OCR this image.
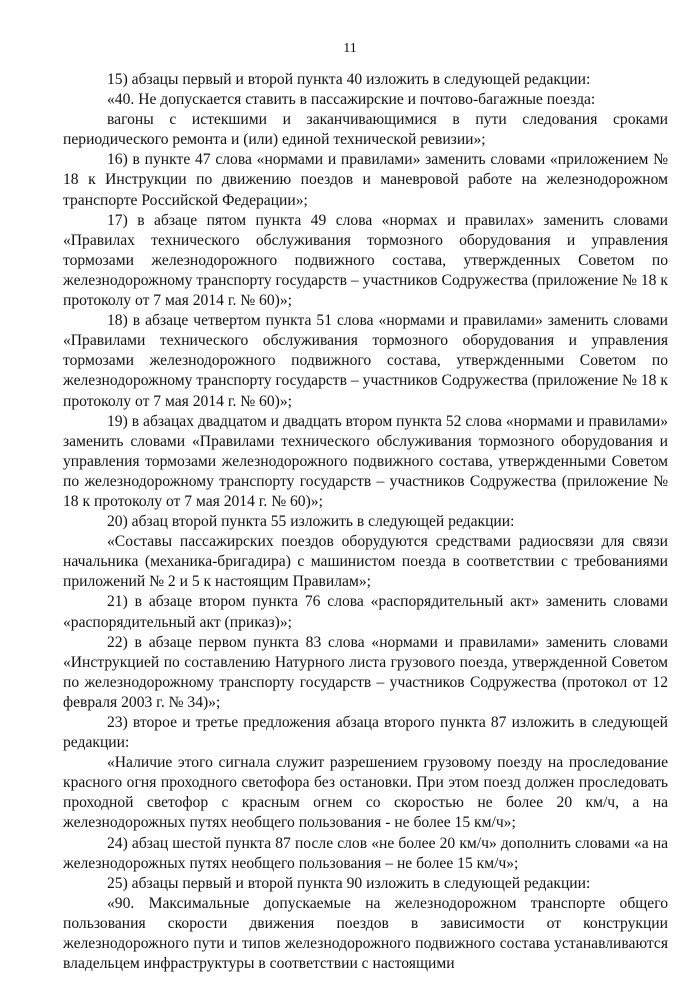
11

15) абзацы первый и второй пункта 40 изложить в следующей редакции:

«40. Не допускается ставить в пассажирские и почтово-багажные поезда:

вагоны с истекшими и заканчивающимися в пути следования сроками периодического ремонта и (или) единой технической ревизии»;

16) в пункте 47 слова «нормами и правилами» заменить словами «приложением № 18 к Инструкции по движению поездов и маневровой работе на железнодорожном транспорте Российской Федерации»;

17) в абзаце пятом пункта 49 слова «нормах и правилах» заменить словами «Правилах технического обслуживания тормозного оборудования и управления тормозами железнодорожного подвижного состава, утвержденных Советом по железнодорожному транспорту государств – участников Содружества (приложение № 18 к протоколу от 7 мая 2014 г. № 60)»;

18) в абзаце четвертом пункта 51 слова «нормами и правилами» заменить словами «Правилами технического обслуживания тормозного оборудования и управления тормозами железнодорожного подвижного состава, утвержденными Советом по железнодорожному транспорту государств – участников Содружества (приложение № 18 к протоколу от 7 мая 2014 г. № 60)»;

19) в абзацах двадцатом и двадцать втором пункта 52 слова «нормами и правилами» заменить словами «Правилами технического обслуживания тормозного оборудования и управления тормозами железнодорожного подвижного состава, утвержденными Советом по железнодорожному транспорту государств – участников Содружества (приложение № 18 к протоколу от 7 мая 2014 г. № 60)»;

20) абзац второй пункта 55 изложить в следующей редакции:

«Составы пассажирских поездов оборудуются средствами радиосвязи для связи начальника (механика-бригадира) с машинистом поезда в соответствии с требованиями приложений № 2 и 5 к настоящим Правилам»;

21) в абзаце втором пункта 76 слова «распорядительный акт» заменить словами «распорядительный акт (приказ)»;

22) в абзаце первом пункта 83 слова «нормами и правилами» заменить словами «Инструкцией по составлению Натурного листа грузового поезда, утвержденной Советом по железнодорожному транспорту государств – участников Содружества (протокол от 12 февраля 2003 г. № 34)»;

23) второе и третье предложения абзаца второго пункта 87 изложить в следующей редакции:

«Наличие этого сигнала служит разрешением грузовому поезду на проследование красного огня проходного светофора без остановки. При этом поезд должен проследовать проходной светофор с красным огнем со скоростью не более 20 км/ч, а на железнодорожных путях необщего пользования - не более 15 км/ч»;

24) абзац шестой пункта 87 после слов «не более 20 км/ч» дополнить словами «а на железнодорожных путях необщего пользования – не более 15 км/ч»;

25) абзацы первый и второй пункта 90 изложить в следующей редакции:

«90. Максимальные допускаемые на железнодорожном транспорте общего пользования скорости движения поездов в зависимости от конструкции железнодорожного пути и типов железнодорожного подвижного состава устанавливаются владельцем инфраструктуры в соответствии с настоящими
